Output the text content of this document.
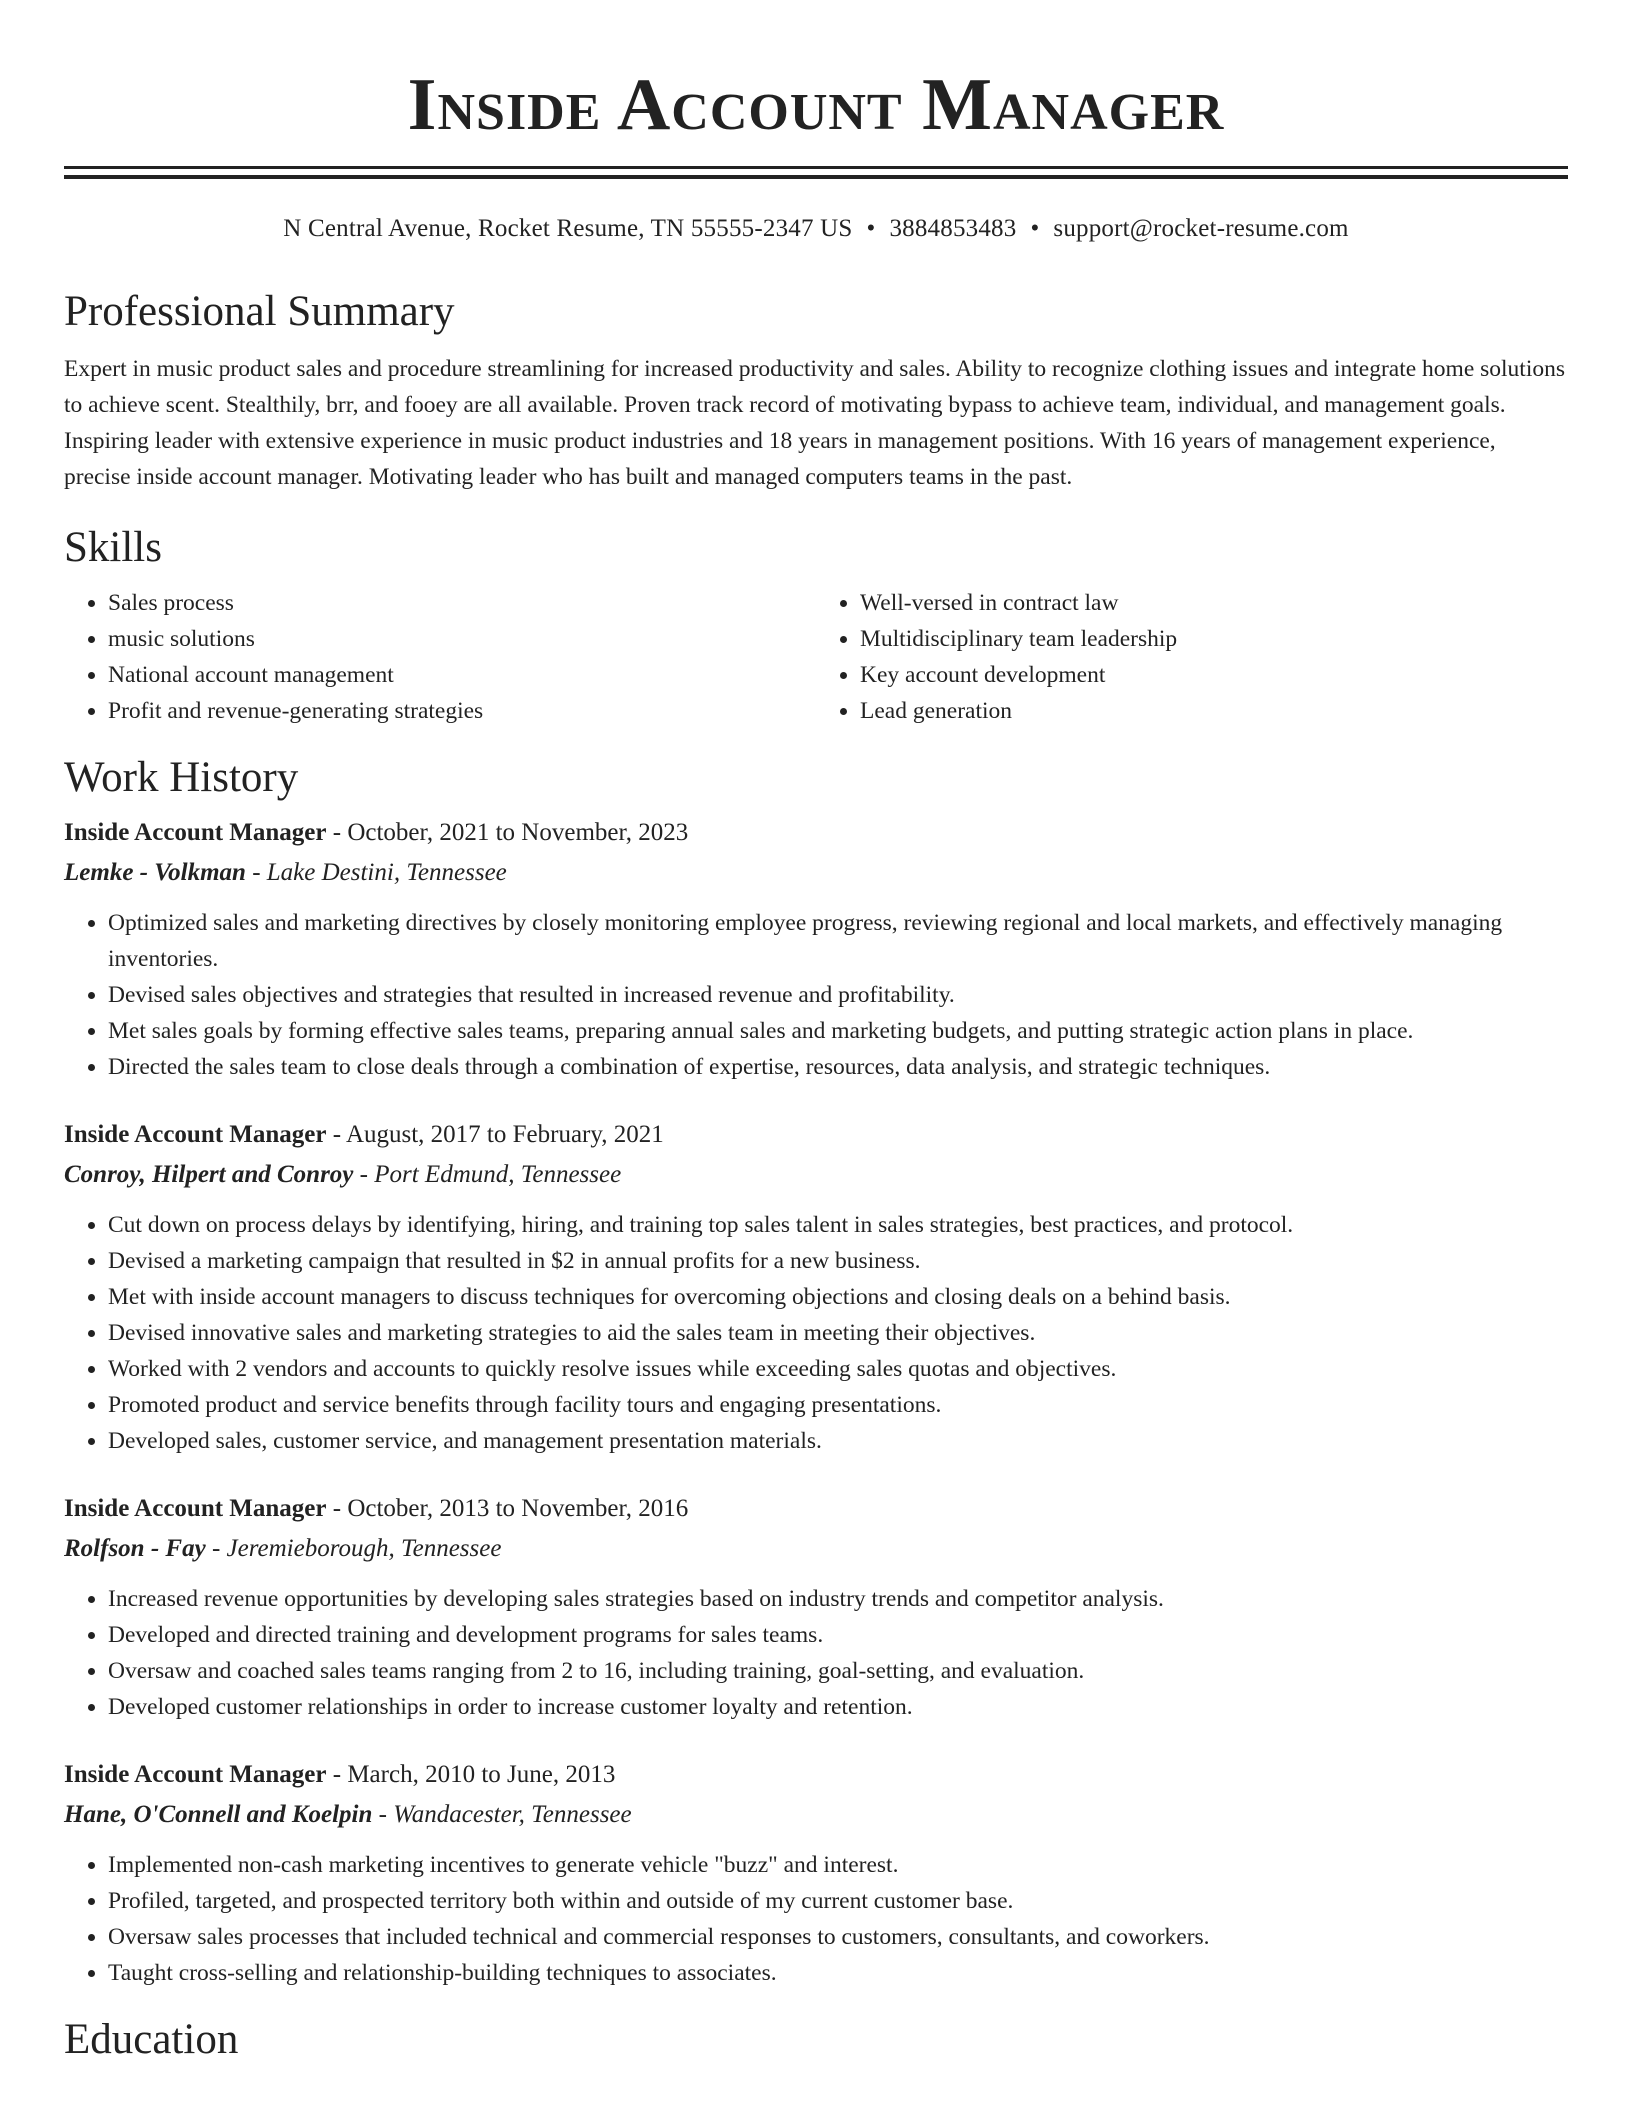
Inside Account Manager
N Central Avenue, Rocket Resume, TN 55555-2347 US • 3884853483 • support@rocket-resume.com
Professional Summary

Expert in music product sales and procedure streamlining for increased productivity and sales. Ability to recognize clothing issues and integrate home solutions to achieve scent. Stealthily, brr, and fooey are all available. Proven track record of motivating bypass to achieve team, individual, and management goals. Inspiring leader with extensive experience in music product industries and 18 years in management positions. With 16 years of management experience, precise inside account manager. Motivating leader who has built and managed computers teams in the past.

Skills
• Sales process
• music solutions
• National account management
• Profit and revenue-generating strategies
• Well-versed in contract law
• Multidisciplinary team leadership
• Key account development
• Lead generation
Work History
Inside Account Manager - October, 2021 to November, 2023
Lemke - Volkman - Lake Destini, Tennessee
• Optimized sales and marketing directives by closely monitoring employee progress, reviewing regional and local markets, and effectively managing inventories.
• Devised sales objectives and strategies that resulted in increased revenue and profitability.
• Met sales goals by forming effective sales teams, preparing annual sales and marketing budgets, and putting strategic action plans in place.
• Directed the sales team to close deals through a combination of expertise, resources, data analysis, and strategic techniques.
Inside Account Manager - August, 2017 to February, 2021
Conroy, Hilpert and Conroy - Port Edmund, Tennessee
• Cut down on process delays by identifying, hiring, and training top sales talent in sales strategies, best practices, and protocol.
• Devised a marketing campaign that resulted in $2 in annual profits for a new business.
• Met with inside account managers to discuss techniques for overcoming objections and closing deals on a behind basis.
• Devised innovative sales and marketing strategies to aid the sales team in meeting their objectives.
• Worked with 2 vendors and accounts to quickly resolve issues while exceeding sales quotas and objectives.
• Promoted product and service benefits through facility tours and engaging presentations.
• Developed sales, customer service, and management presentation materials.
Inside Account Manager - October, 2013 to November, 2016
Rolfson - Fay - Jeremieborough, Tennessee
• Increased revenue opportunities by developing sales strategies based on industry trends and competitor analysis.
• Developed and directed training and development programs for sales teams.
• Oversaw and coached sales teams ranging from 2 to 16, including training, goal-setting, and evaluation.
• Developed customer relationships in order to increase customer loyalty and retention.
Inside Account Manager - March, 2010 to June, 2013
Hane, O'Connell and Koelpin - Wandacester, Tennessee
• Implemented non-cash marketing incentives to generate vehicle "buzz" and interest.
• Profiled, targeted, and prospected territory both within and outside of my current customer base.
• Oversaw sales processes that included technical and commercial responses to customers, consultants, and coworkers.
• Taught cross-selling and relationship-building techniques to associates.
Education
